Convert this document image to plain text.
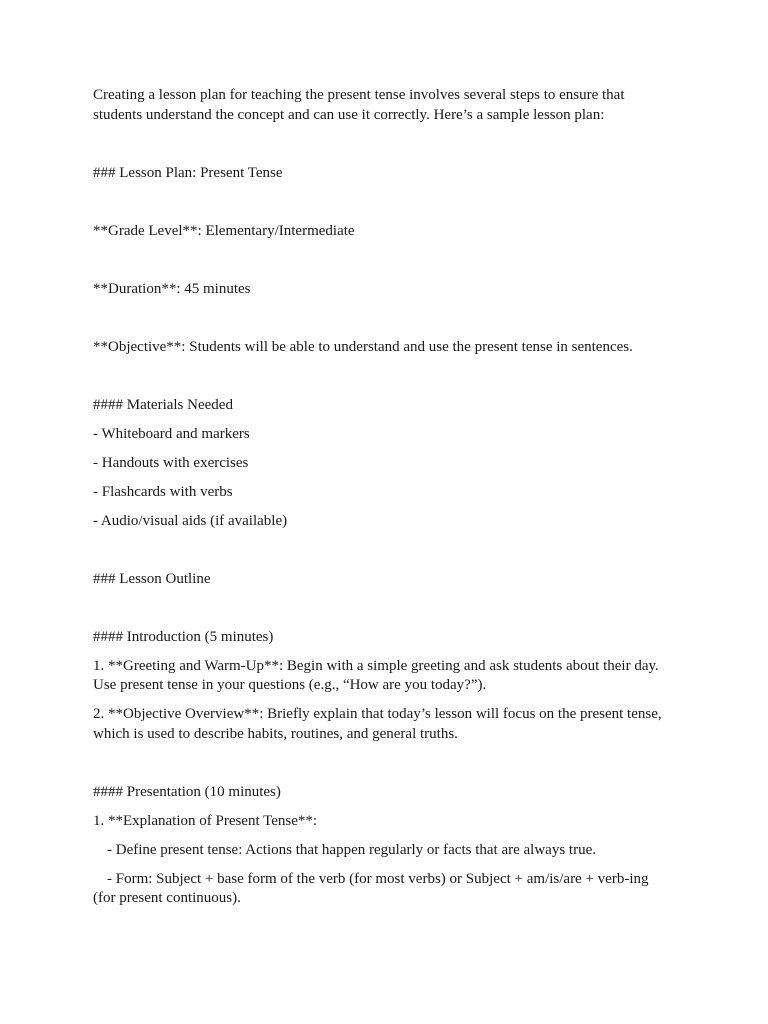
Creating a lesson plan for teaching the present tense involves several steps to ensure that students understand the concept and can use it correctly. Here’s a sample lesson plan:

### Lesson Plan: Present Tense

**Grade Level**: Elementary/Intermediate

**Duration**: 45 minutes

**Objective**: Students will be able to understand and use the present tense in sentences.

#### Materials Needed

- Whiteboard and markers

- Handouts with exercises

- Flashcards with verbs

- Audio/visual aids (if available)

### Lesson Outline

#### Introduction (5 minutes)

1. **Greeting and Warm-Up**: Begin with a simple greeting and ask students about their day. Use present tense in your questions (e.g., “How are you today?”).

2. **Objective Overview**: Briefly explain that today’s lesson will focus on the present tense, which is used to describe habits, routines, and general truths.

#### Presentation (10 minutes)

1. **Explanation of Present Tense**:

- Define present tense: Actions that happen regularly or facts that are always true.

- Form: Subject + base form of the verb (for most verbs) or Subject + am/is/are + verb-ing (for present continuous).
